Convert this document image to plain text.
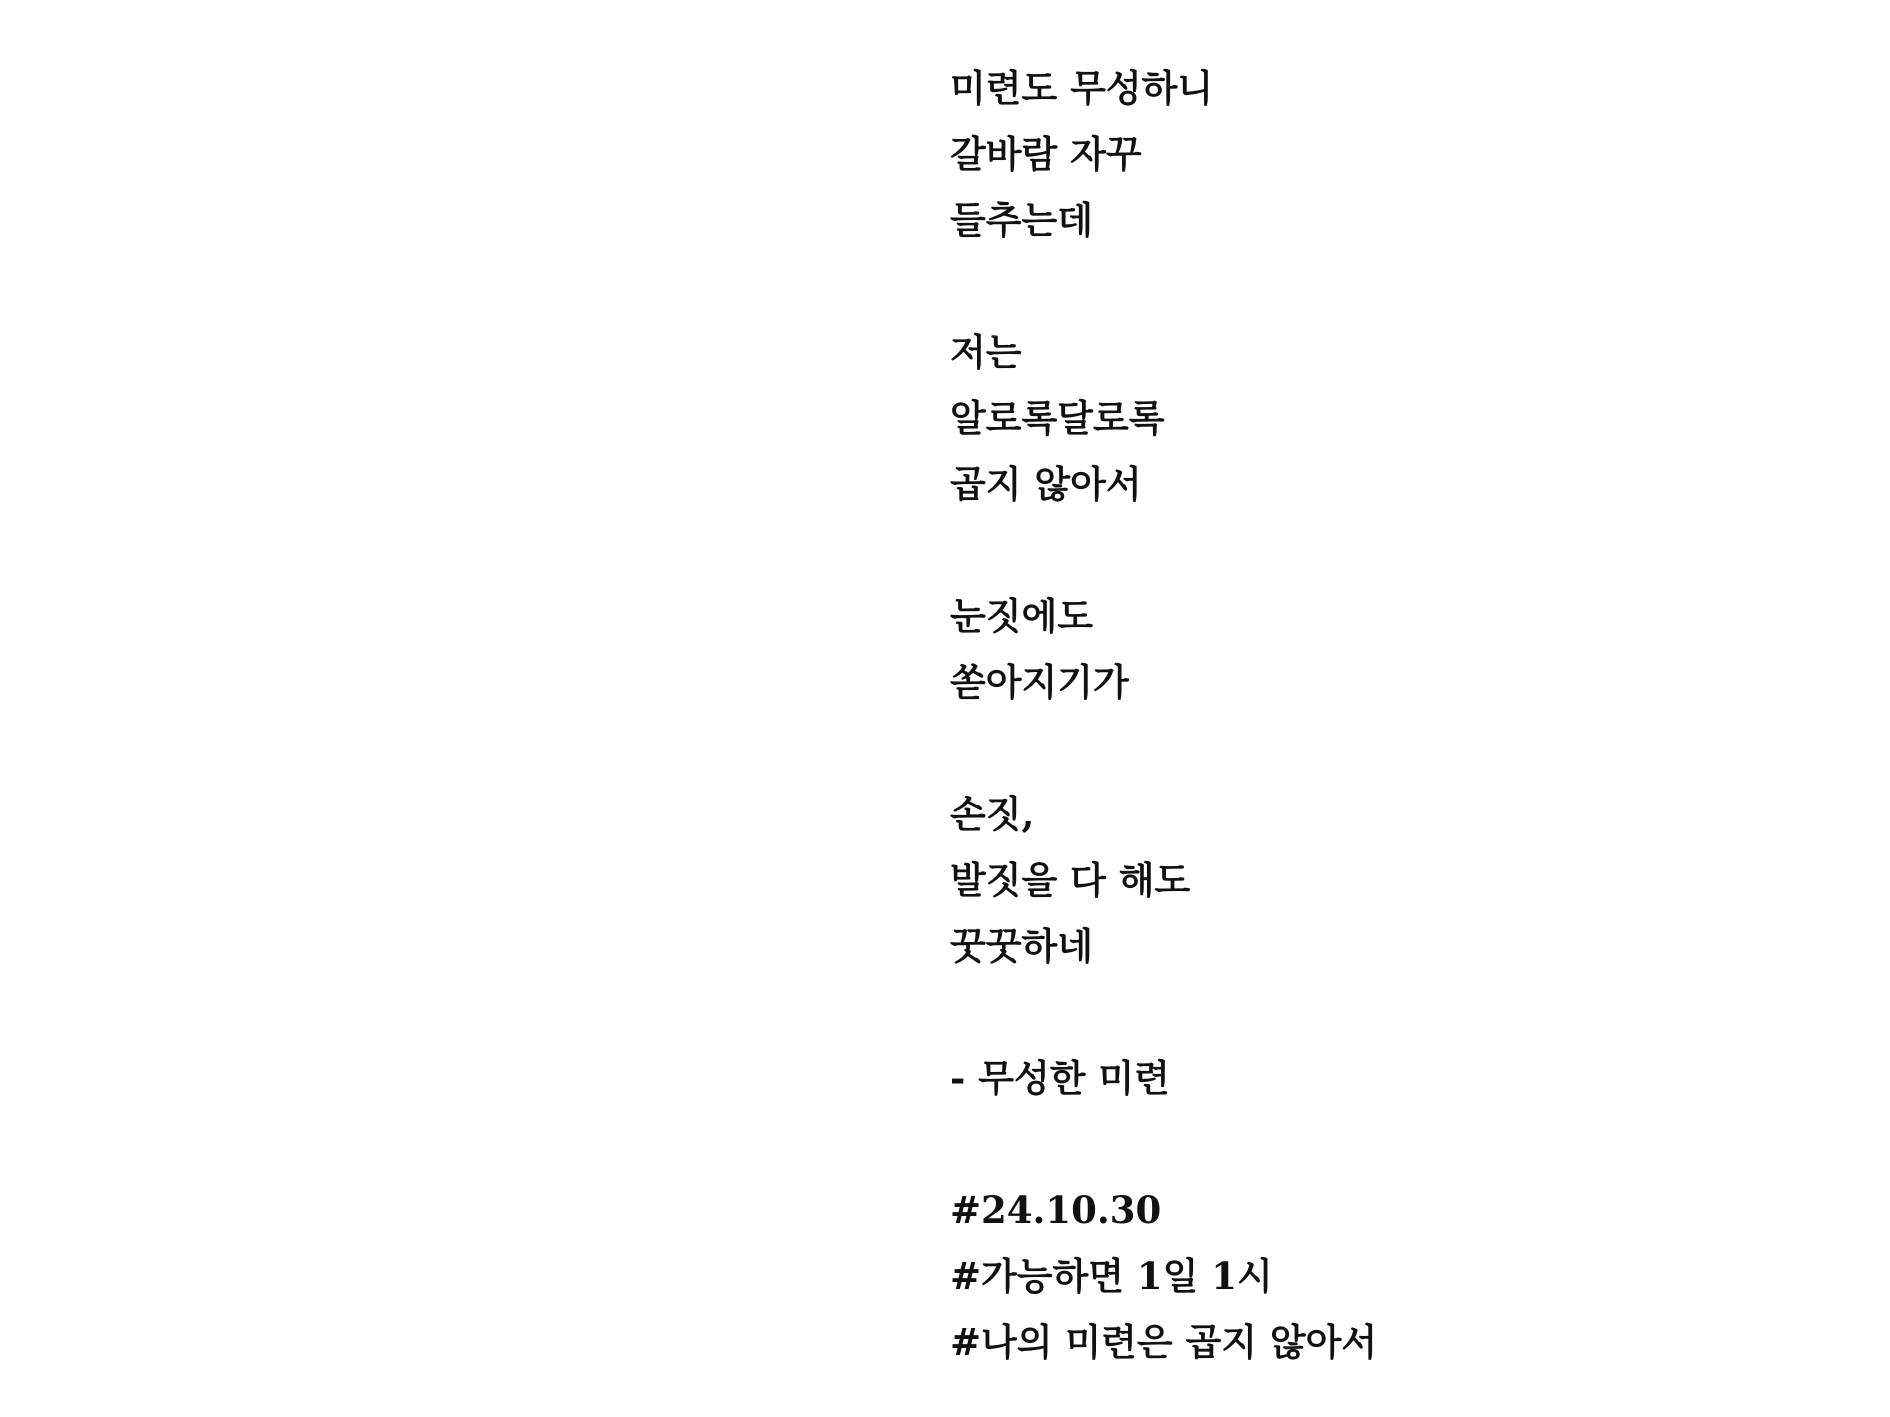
미련도 무성하니
갈바람 자꾸
들추는데
저는
알로록달로록
곱지 않아서
눈짓에도
쏟아지기가
손짓,
발짓을 다 해도
꿋꿋하네
- 무성한 미련
#24.10.30
#가능하면 1일 1시
#나의 미련은 곱지 않아서
